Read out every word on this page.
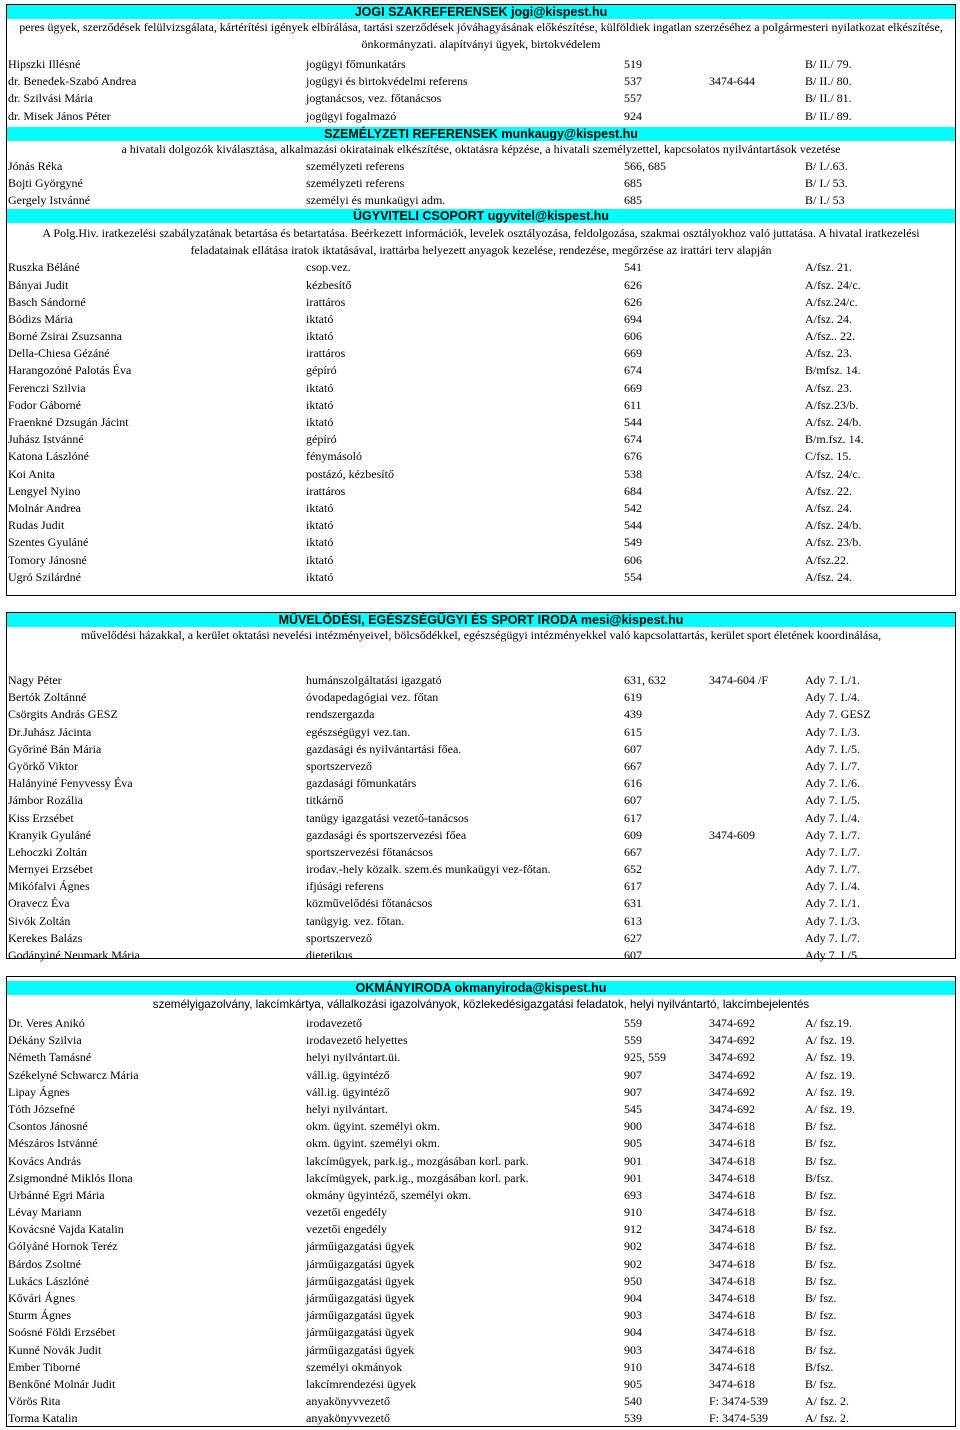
JOGI SZAKREFERENSEK jogi@kispest.hu
peres ügyek, szerződések felülvizsgálata, kártérítési igények elbírálása, tartási szerződések jóváhagyásának előkészítése, külföldiek ingatlan szerzéséhez a polgármesteri nyilatkozat elkészítése, önkormányzati. alapítványi ügyek, birtokvédelem
Hipszki Illésné	jogügyi főmunkatárs	519	B/ II./ 79.
dr. Benedek-Szabó Andrea	jogügyi és birtokvédelmi referens	537	3474-644	B/ II./ 80.
dr. Szilvási Mária	jogtanácsos, vez. főtanácsos	557	B/ II./ 81.
dr. Misek János Péter	jogügyi fogalmazó	924	B/ II./ 89.
SZEMÉLYZETI REFERENSEK munkaugy@kispest.hu
a hivatali dolgozók kiválasztása, alkalmazási okiratainak elkészítése, oktatásra képzése, a hivatali személyzettel, kapcsolatos nyilvántartások vezetése
Jónás Réka	személyzeti referens	566, 685	B/ I./.63.
Bojti Györgyné	személyzeti referens	685	B/ I./ 53.
Gergely Istvánné	személyi és munkaügyi adm.	685	B/ I./ 53
ÜGYVITELI CSOPORT ugyvitel@kispest.hu
A Polg.Hiv. iratkezelési szabályzatának betartása és betartatása. Beérkezett információk, levelek osztályozása, feldolgozása, szakmai osztályokhoz való juttatása. A hivatal iratkezelési feladatainak ellátása iratok iktatásával, irattárba helyezett anyagok kezelése, rendezése, megőrzése az irattári terv alapján
Ruszka Béláné	csop.vez.	541	A/fsz. 21.
Bányai Judit	kézbesítő	626	A/fsz. 24/c.
Basch Sándorné	irattáros	626	A/fsz.24/c.
Bódizs Mária	iktató	694	A/fsz. 24.
Borné Zsirai Zsuzsanna	iktató	606	A/fsz.. 22.
Della-Chiesa Gézáné	irattáros	669	A/fsz. 23.
Harangozóné Palotás Éva	gépíró	674	B/mfsz. 14.
Ferenczi Szilvia	iktató	669	A/fsz. 23.
Fodor Gáborné	iktató	611	A/fsz.23/b.
Fraenkné Dzsugán Jácint	iktató	544	A/fsz. 24/b.
Juhász Istvánné	gépíró	674	B/m.fsz. 14.
Katona Lászlóné	fénymásoló	676	C/fsz. 15.
Koi Anita	postázó, kézbesítő	538	A/fsz. 24/c.
Lengyel Nyino	irattáros	684	A/fsz. 22.
Molnár Andrea	iktató	542	A/fsz. 24.
Rudas Judit	iktató	544	A/fsz. 24/b.
Szentes Gyuláné	iktató	549	A/fsz. 23/b.
Tomory Jánosné	iktató	606	A/fsz.22.
Ugró Szilárdné	iktató	554	A/fsz. 24.
MŰVELŐDÉSI, EGÉSZSÉGÜGYI ÉS SPORT IRODA mesi@kispest.hu
művelődési házakkal, a kerület oktatási nevelési intézményeivel, bölcsődékkel, egészségügyi intézményekkel való kapcsolattartás, kerület sport életének koordinálása,
Nagy Péter	humánszolgáltatási igazgató	631, 632	3474-604 /F	Ady 7. I./1.
Bertók Zoltánné	óvodapedagógiai vez. főtan	619	Ady 7. I./4.
Csörgits András GESZ	rendszergazda	439	Ady 7. GESZ
Dr.Juhász Jácinta	egészségügyi vez.tan.	615	Ady 7. I./3.
Győriné Bán Mária	gazdasági és nyilvántartási főea.	607	Ady 7. I./5.
Györkő Viktor	sportszervező	667	Ady 7. I./7.
Halányiné Fenyvessy Éva	gazdasági főmunkatárs	616	Ady 7. I./6.
Jámbor Rozália	titkárnő	607	Ady 7. I./5.
Kiss Erzsébet	tanügy igazgatási vezető-tanácsos	617	Ady 7. I./4.
Kranyik Gyuláné	gazdasági és sportszervezési főea	609	3474-609	Ady 7. I./7.
Lehoczki Zoltán	sportszervezési főtanácsos	667	Ady 7. I./7.
Mernyei Erzsébet	irodav.-hely közalk. szem.és munkaügyi vez-főtan.	652	Ady 7. I./7.
Mikófalvi Ágnes	ifjúsági referens	617	Ady 7. I./4.
Oravecz Éva	közművelődési főtanácsos	631	Ady 7. I./1.
Sivók Zoltán	tanügyig. vez. főtan.	613	Ady 7. I./3.
Kerekes Balázs	sportszervező	627	Ady 7. I./7.
Godányiné Neumark Mária	dietetikus	607	Ady 7. I./5.
OKMÁNYIRODA okmanyiroda@kispest.hu
személyigazolvány, lakcímkártya, vállalkozási igazolványok, közlekedésigazgatási feladatok, helyi nyilvántartó, lakcímbejelentés
Dr. Veres Anikó	irodavezető	559	3474-692	A/ fsz.19.
Dékány Szilvia	irodavezető helyettes	559	3474-692	A/ fsz. 19.
Németh Tamásné	helyi nyilvántart.üi.	925, 559	3474-692	A/ fsz. 19.
Székelyné Schwarcz Mária	váll.ig. ügyintéző	907	3474-692	A/ fsz. 19.
Lipay Ágnes	váll.ig. ügyintéző	907	3474-692	A/ fsz. 19.
Tóth Józsefné	helyi nyilvántart.	545	3474-692	A/ fsz. 19.
Csontos Jánosné	okm. ügyint. személyi okm.	900	3474-618	B/ fsz.
Mészáros Istvánné	okm. ügyint. személyi okm.	905	3474-618	B/ fsz.
Kovács András	lakcímügyek, park.ig., mozgásában korl. park.	901	3474-618	B/ fsz.
Zsigmondné Miklós Ilona	lakcímügyek, park.ig., mozgásában korl. park.	901	3474-618	B/fsz.
Urbánné Egri Mária	okmány ügyintéző, személyi okm.	693	3474-618	B/ fsz.
Lévay Mariann	vezetői engedély	910	3474-618	B/ fsz.
Kovácsné Vajda Katalin	vezetői engedély	912	3474-618	B/ fsz.
Gólyáné Hornok Teréz	járműigazgatási ügyek	902	3474-618	B/ fsz.
Bárdos Zsoltné	járműigazgatási ügyek	902	3474-618	B/ fsz.
Lukács Lászlóné	járműigazgatási ügyek	950	3474-618	B/ fsz.
Kővári Ágnes	járműigazgatási ügyek	904	3474-618	B/ fsz.
Sturm Ágnes	járműigazgatási ügyek	903	3474-618	B/ fsz.
Soósné Földi Erzsébet	járműigazgatási ügyek	904	3474-618	B/ fsz.
Kunné Novák Judit	járműigazgatási ügyek	903	3474-618	B/ fsz.
Ember Tiborné	személyi okmányok	910	3474-618	B/fsz.
Benkőné Molnár Judit	lakcímrendezési ügyek	905	3474-618	B/ fsz.
Vörös Rita	anyakönyvvezető	540	F: 3474-539	A/ fsz. 2.
Torma Katalin	anyakönyvvezető	539	F: 3474-539	A/ fsz. 2.
